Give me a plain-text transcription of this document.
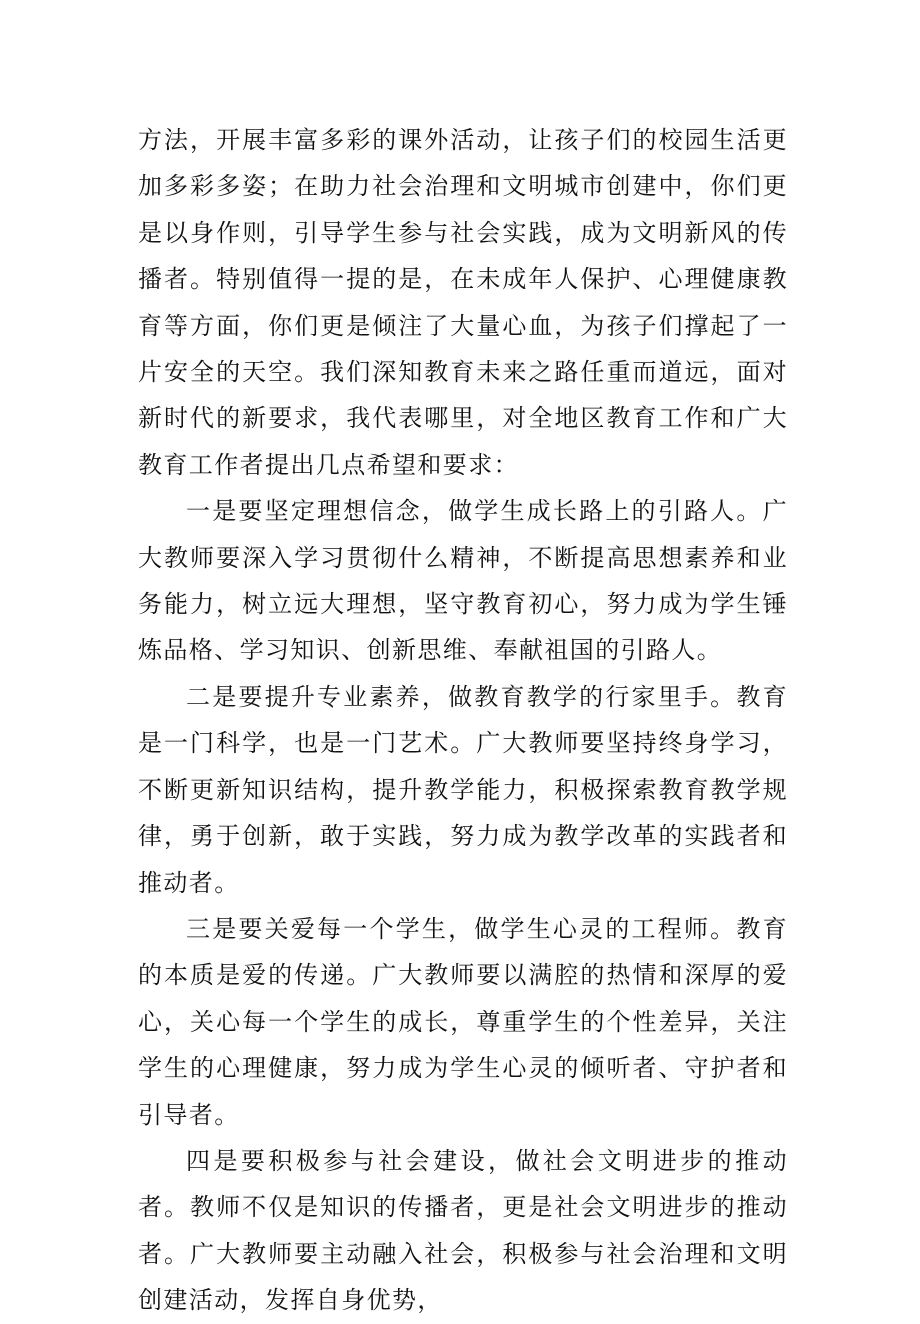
方法，开展丰富多彩的课外活动，让孩子们的校园生活更加多彩多姿；在助力社会治理和文明城市创建中，你们更是以身作则，引导学生参与社会实践，成为文明新风的传播者。特别值得一提的是，在未成年人保护、心理健康教育等方面，你们更是倾注了大量心血，为孩子们撑起了一片安全的天空。我们深知教育未来之路任重而道远，面对新时代的新要求，我代表哪里，对全地区教育工作和广大教育工作者提出几点希望和要求：

一是要坚定理想信念，做学生成长路上的引路人。广大教师要深入学习贯彻什么精神，不断提高思想素养和业务能力，树立远大理想，坚守教育初心，努力成为学生锤炼品格、学习知识、创新思维、奉献祖国的引路人。

二是要提升专业素养，做教育教学的行家里手。教育是一门科学，也是一门艺术。广大教师要坚持终身学习，不断更新知识结构，提升教学能力，积极探索教育教学规律，勇于创新，敢于实践，努力成为教学改革的实践者和推动者。

三是要关爱每一个学生，做学生心灵的工程师。教育的本质是爱的传递。广大教师要以满腔的热情和深厚的爱心，关心每一个学生的成长，尊重学生的个性差异，关注学生的心理健康，努力成为学生心灵的倾听者、守护者和引导者。

四是要积极参与社会建设，做社会文明进步的推动者。教师不仅是知识的传播者，更是社会文明进步的推动者。广大教师要主动融入社会，积极参与社会治理和文明创建活动，发挥自身优势，
